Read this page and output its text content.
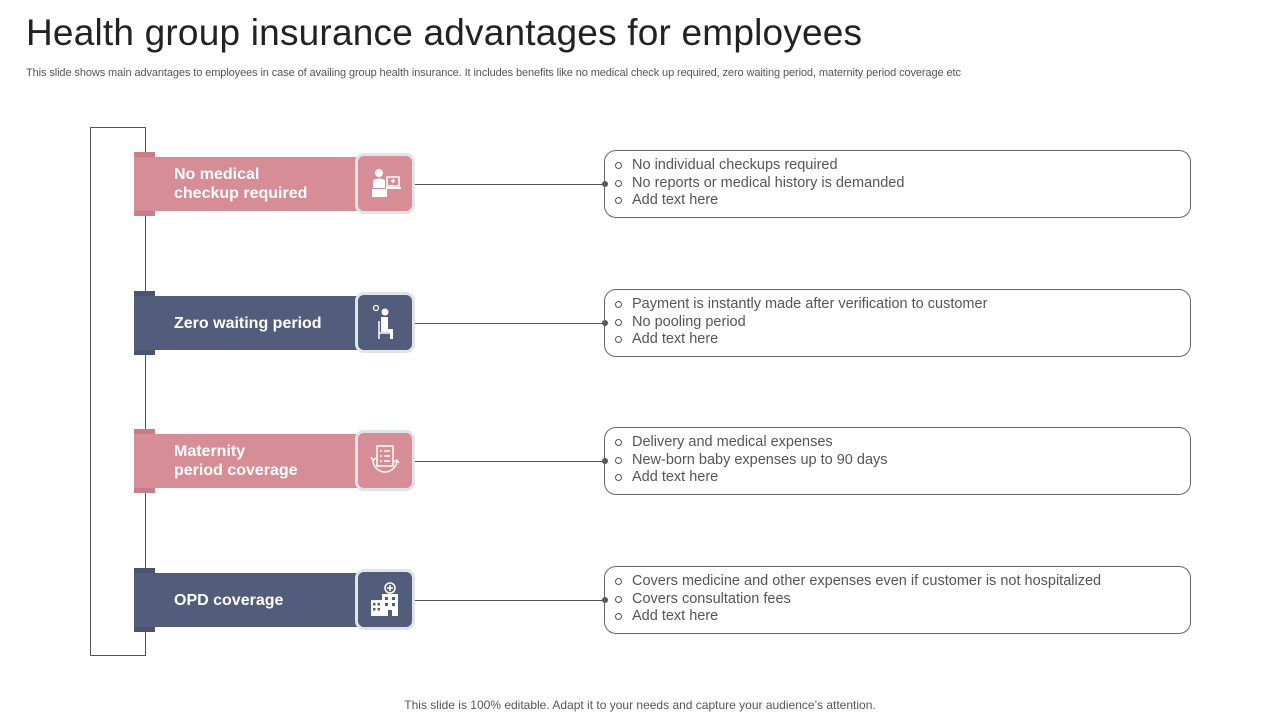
Health group insurance advantages for employees

This slide shows main advantages to employees in case of availing group health insurance. It includes benefits like no medical check up required, zero waiting period, maternity period coverage etc

No medical
checkup required
No individual checkups required
No reports or medical history is demanded
Add text here
Zero waiting period
Payment is instantly made after verification to customer
No pooling period
Add text here
Maternity
period coverage
Delivery and medical expenses
New-born baby expenses up to 90 days
Add text here
OPD coverage
Covers medicine and other expenses even if customer is not hospitalized
Covers consultation fees
Add text here
This slide is 100% editable. Adapt it to your needs and capture your audience’s attention.
